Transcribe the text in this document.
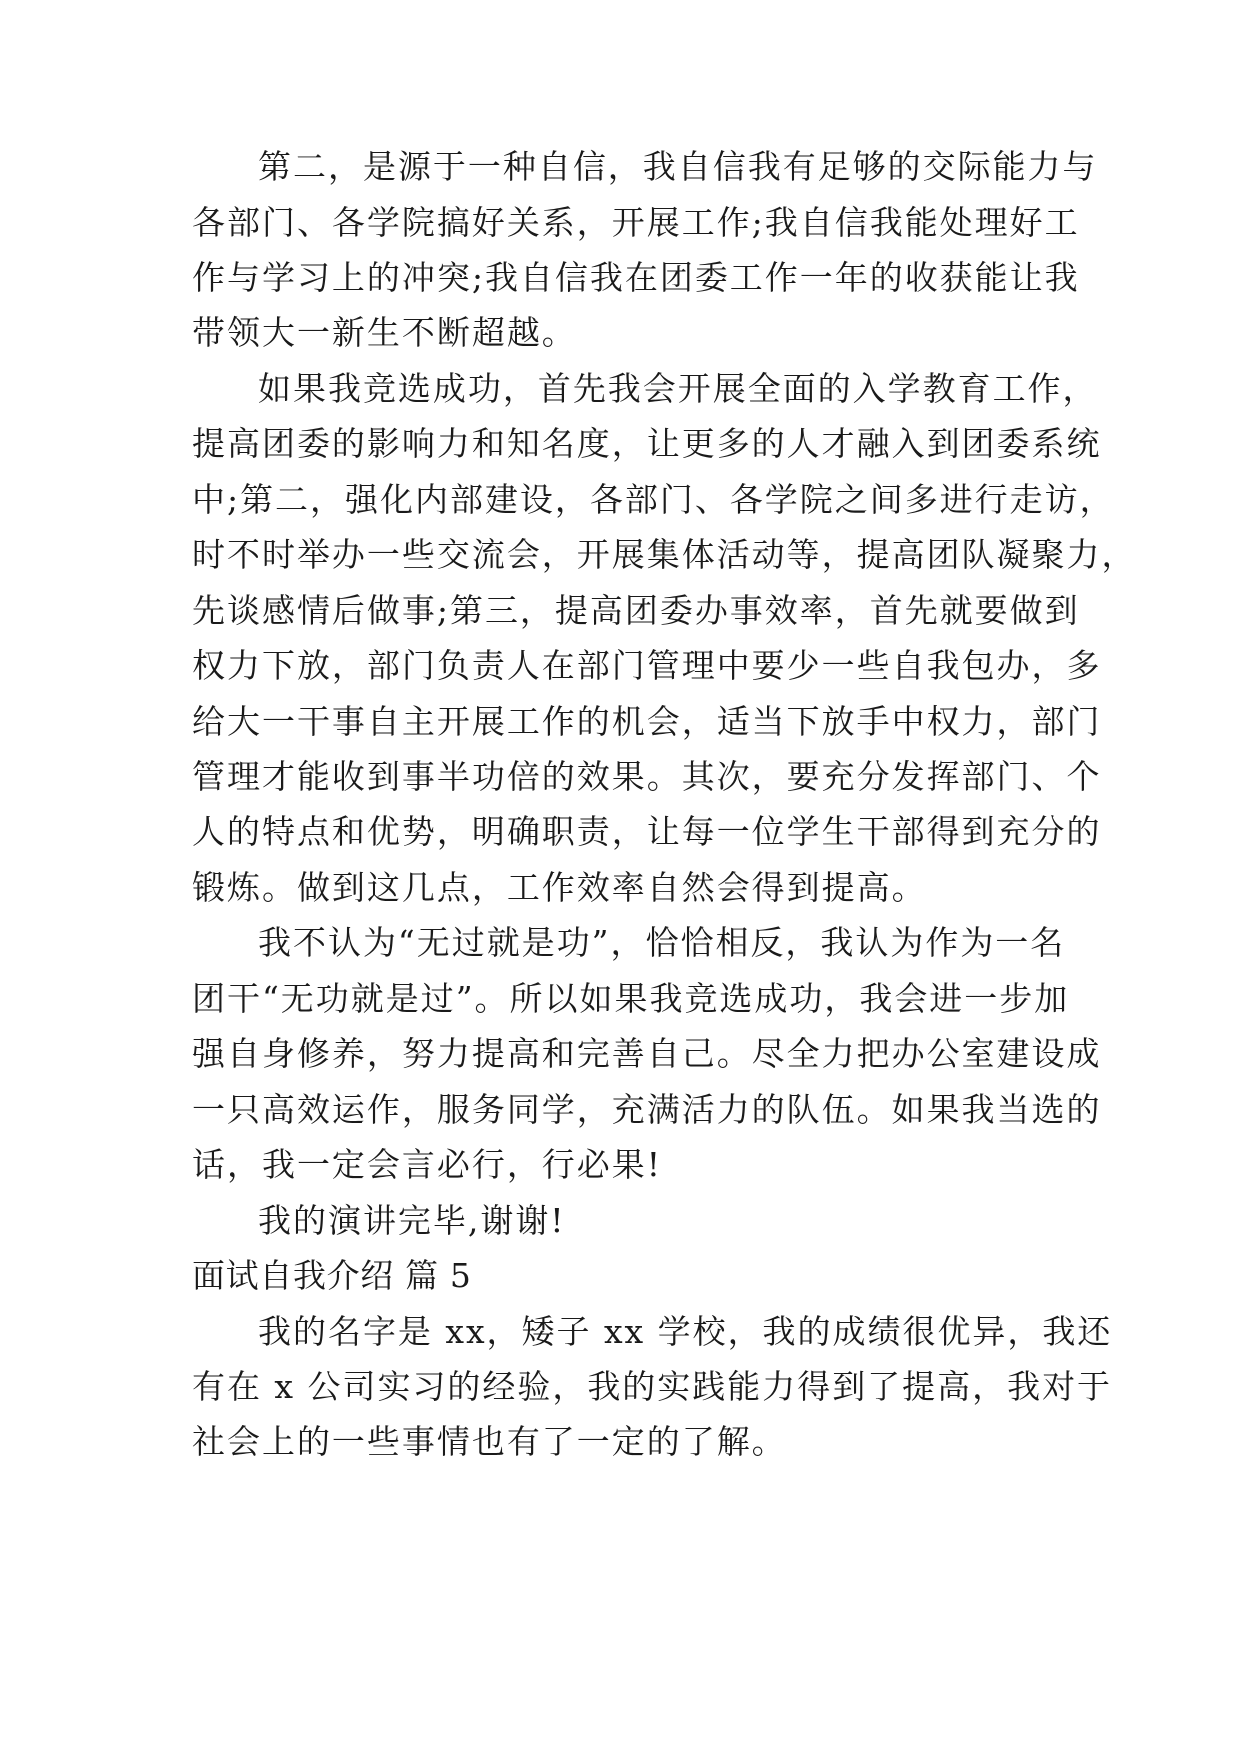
第二，是源于一种自信，我自信我有足够的交际能力与
各部门、各学院搞好关系，开展工作;我自信我能处理好工
作与学习上的冲突;我自信我在团委工作一年的收获能让我
带领大一新生不断超越。
如果我竞选成功，首先我会开展全面的入学教育工作，
提高团委的影响力和知名度，让更多的人才融入到团委系统
中;第二，强化内部建设，各部门、各学院之间多进行走访，
时不时举办一些交流会，开展集体活动等，提高团队凝聚力，
先谈感情后做事;第三，提高团委办事效率，首先就要做到
权力下放，部门负责人在部门管理中要少一些自我包办，多
给大一干事自主开展工作的机会，适当下放手中权力，部门
管理才能收到事半功倍的效果。其次，要充分发挥部门、个
人的特点和优势，明确职责，让每一位学生干部得到充分的
锻炼。做到这几点，工作效率自然会得到提高。
我不认为“无过就是功”，恰恰相反，我认为作为一名
团干“无功就是过”。所以如果我竞选成功，我会进一步加
强自身修养，努力提高和完善自己。尽全力把办公室建设成
一只高效运作，服务同学，充满活力的队伍。如果我当选的
话，我一定会言必行，行必果!
我的演讲完毕,谢谢!
面试自我介绍 篇 5
我的名字是 xx，矮子 xx 学校，我的成绩很优异，我还
有在 x 公司实习的经验，我的实践能力得到了提高，我对于
社会上的一些事情也有了一定的了解。
